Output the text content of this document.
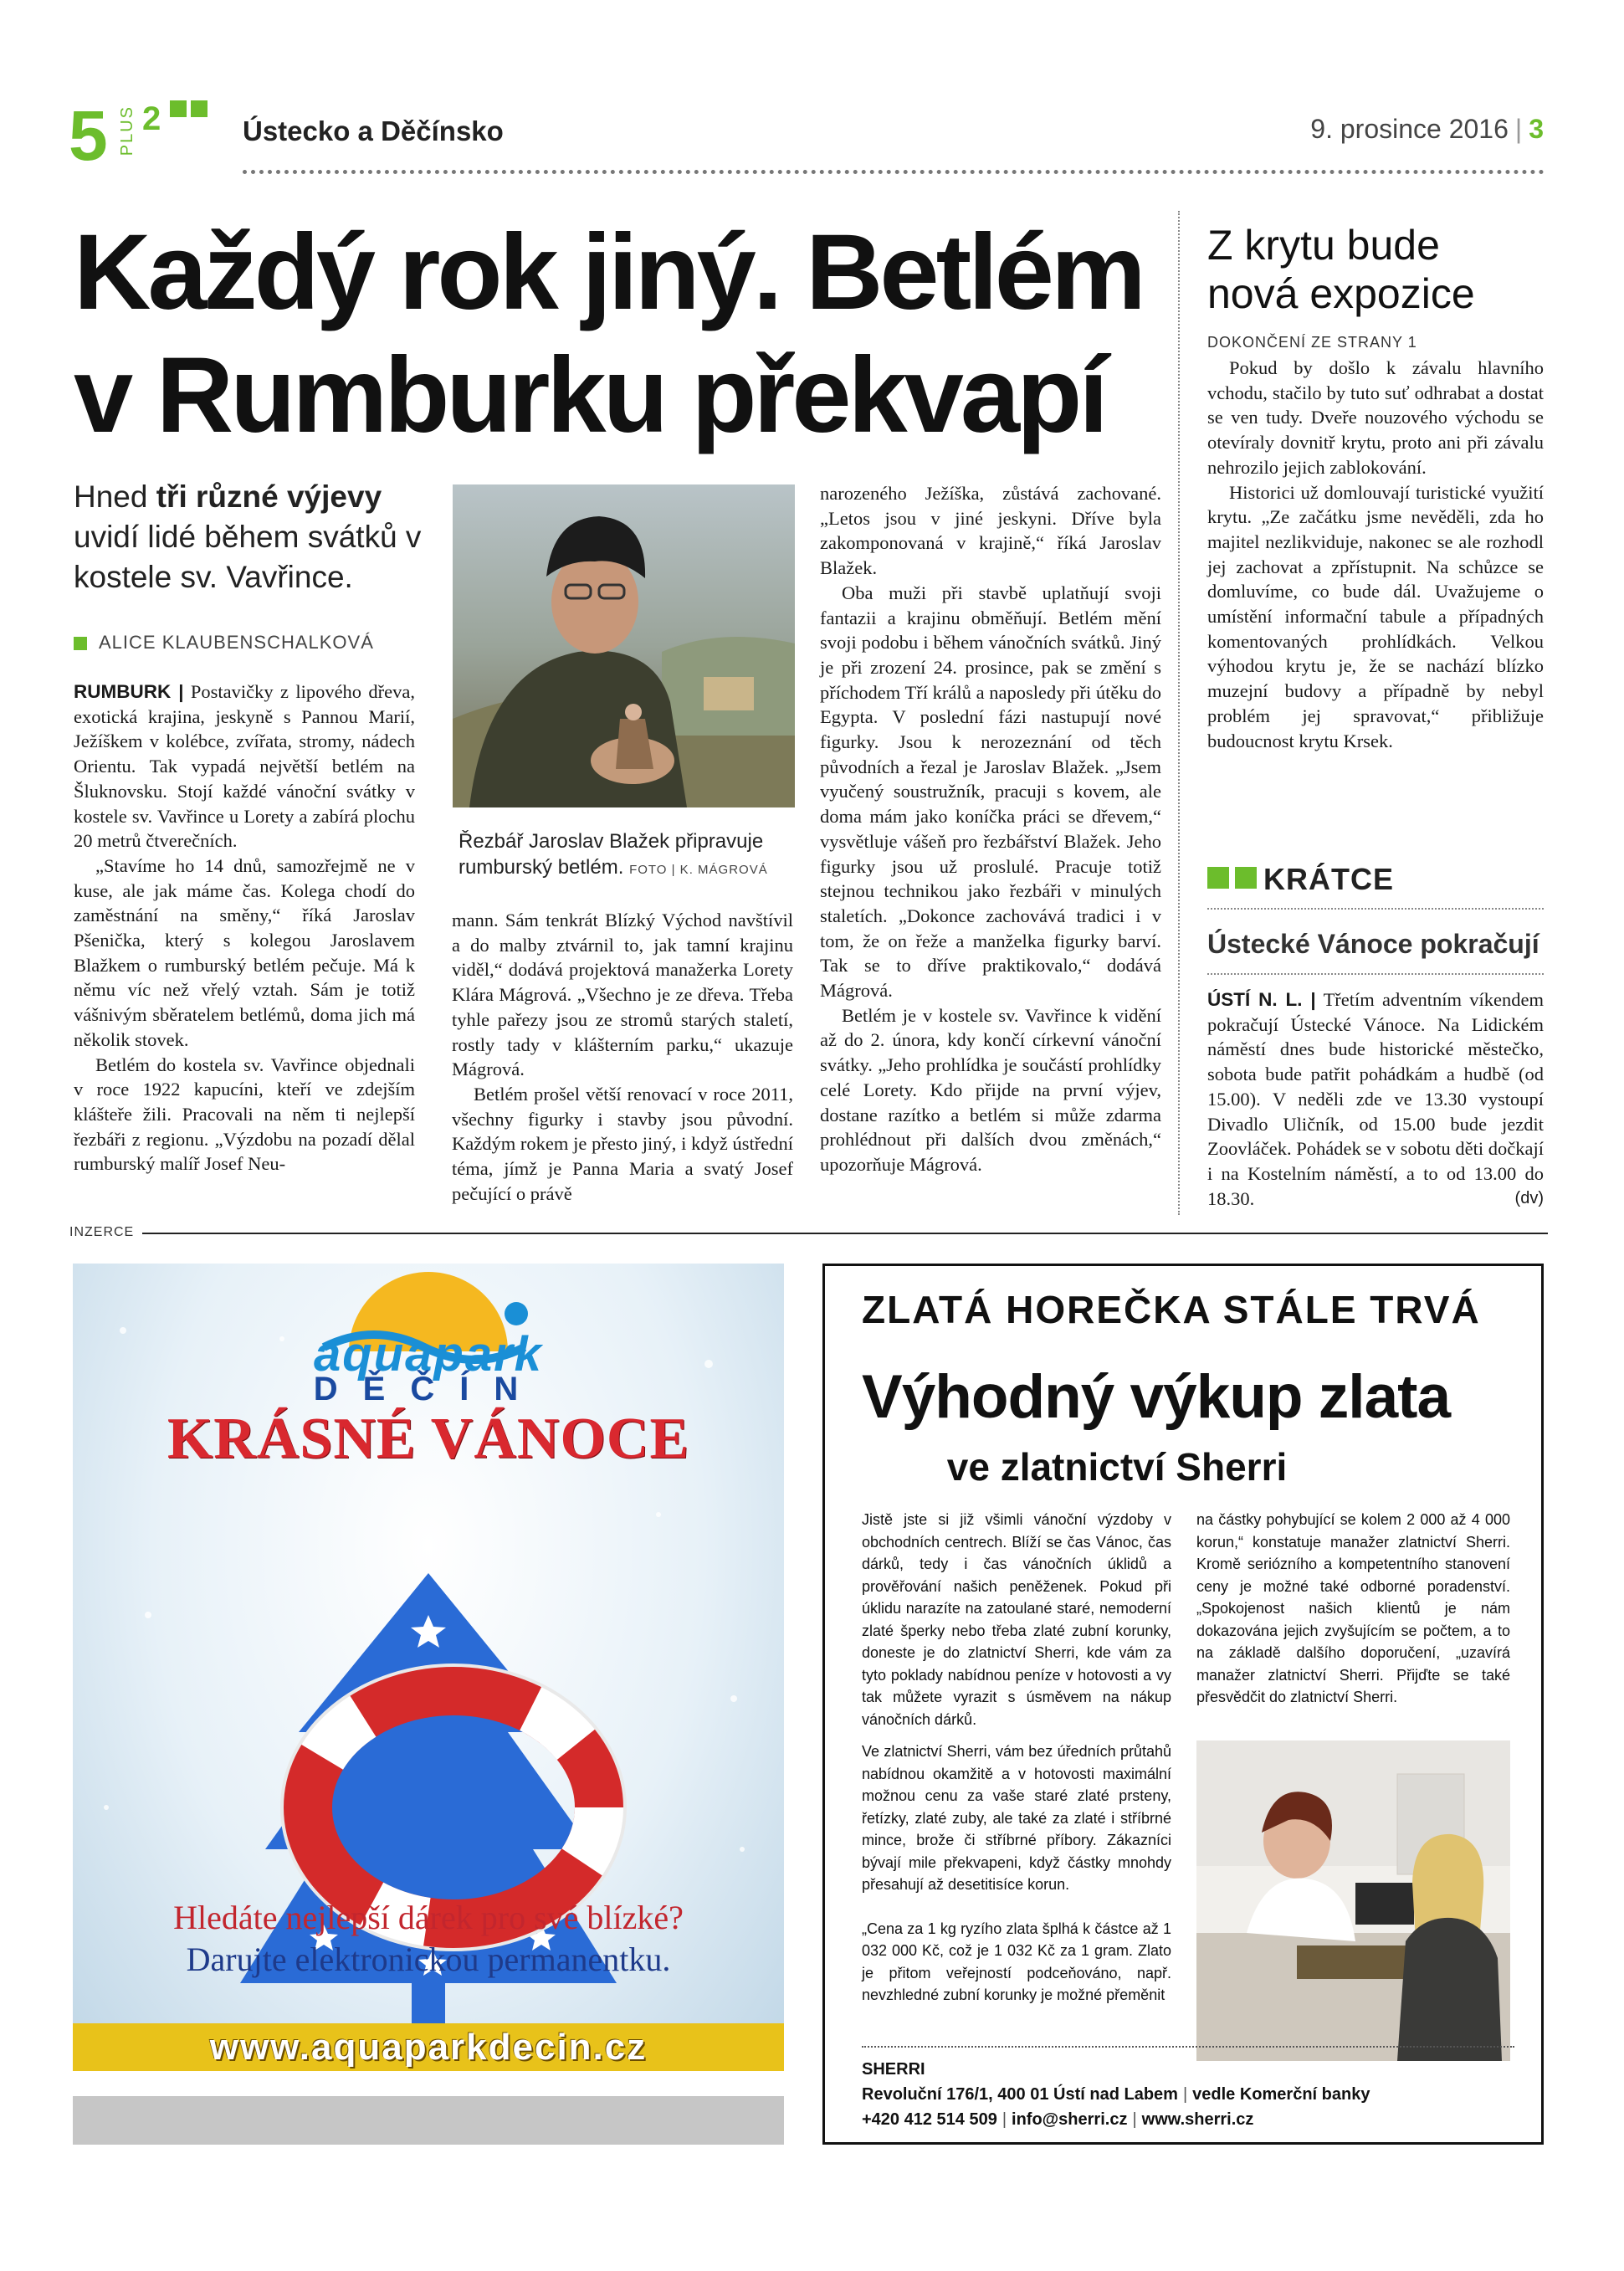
5 PLUS 2	Ústecko a Děčínsko	9. prosince 2016 | 3
Každý rok jiný. Betlém
v Rumburku překvapí
Hned tři různé výjevy uvidí lidé během svátků v kostele sv. Vavřince.
ALICE KLAUBENSCHALKOVÁ

RUMBURK | Postavičky z lipového dřeva, exotická krajina, jeskyně s Pannou Marií, Ježíškem v kolébce, zvířata, stromy, nádech Orientu. Tak vypadá největší betlém na Šluknovsku. Stojí každé vánoční svátky v kostele sv. Vavřince u Lorety a zabírá plochu 20 metrů čtverečních.

„Stavíme ho 14 dnů, samozřejmě ne v kuse, ale jak máme čas. Kolega chodí do zaměstnání na směny,“ říká Jaroslav Pšenička, který s kolegou Jaroslavem Blažkem o rumburský betlém pečuje. Má k němu víc než vřelý vztah. Sám je totiž vášnivým sběratelem betlémů, doma jich má několik stovek.

Betlém do kostela sv. Vavřince objednali v roce 1922 kapucíni, kteří ve zdejším klášteře žili. Pracovali na něm ti nejlepší řezbáři z regionu. „Výzdobu na pozadí dělal rumburský malíř Josef Neu-

Řezbář Jaroslav Blažek připravuje rumburský betlém. FOTO | K. MÁGROVÁ

mann. Sám tenkrát Blízký Východ navštívil a do malby ztvárnil to, jak tamní krajinu viděl,“ dodává projektová manažerka Lorety Klára Mágrová. „Všechno je ze dřeva. Třeba tyhle pařezy jsou ze stromů starých staletí, rostly tady v klášterním parku,“ ukazuje Mágrová.

Betlém prošel větší renovací v roce 2011, všechny figurky i stavby jsou původní. Každým rokem je přesto jiný, i když ústřední téma, jímž je Panna Maria a svatý Josef pečující o právě

narozeného Ježíška, zůstává zachované. „Letos jsou v jiné jeskyni. Dříve byla zakomponovaná v krajině,“ říká Jaroslav Blažek.

Oba muži při stavbě uplatňují svoji fantazii a krajinu obměňují. Betlém mění svoji podobu i během vánočních svátků. Jiný je při zrození 24. prosince, pak se změní s příchodem Tří králů a naposledy při útěku do Egypta. V poslední fázi nastupují nové figurky. Jsou k nerozeznání od těch původních a řezal je Jaroslav Blažek. „Jsem vyučený soustružník, pracuji s kovem, ale doma mám jako koníčka práci se dřevem,“ vysvětluje vášeň pro řezbářství Blažek. Jeho figurky jsou už proslulé. Pracuje totiž stejnou technikou jako řezbáři v minulých staletích. „Dokonce zachovává tradici i v tom, že on řeže a manželka figurky barví. Tak se to dříve praktikovalo,“ dodává Mágrová.

Betlém je v kostele sv. Vavřince k vidění až do 2. února, kdy končí církevní vánoční svátky. „Jeho prohlídka je součástí prohlídky celé Lorety. Kdo přijde na první výjev, dostane razítko a betlém si může zdarma prohlédnout při dalších dvou změnách,“ upozorňuje Mágrová.

Z krytu bude
nová expozice
DOKONČENÍ ZE STRANY 1

Pokud by došlo k závalu hlavního vchodu, stačilo by tuto suť odhrabat a dostat se ven tudy. Dveře nouzového východu se otevíraly dovnitř krytu, proto ani při závalu nehrozilo jejich zablokování.

Historici už domlouvají turistické využití krytu. „Ze začátku jsme nevěděli, zda ho majitel nezlikviduje, nakonec se ale rozhodl jej zachovat a zpřístupnit. Na schůzce se domluvíme, co bude dál. Uvažujeme o umístění informační tabule a případných komentovaných prohlídkách. Velkou výhodou krytu je, že se nachází blízko muzejní budovy a případně by nebyl problém jej spravovat,“ přibližuje budoucnost krytu Krsek.

KRÁTCE
Ústecké Vánoce pokračují

ÚSTÍ N. L. | Třetím adventním víkendem pokračují Ústecké Vánoce. Na Lidickém náměstí dnes bude historické městečko, sobota bude patřit pohádkám a hudbě (od 15.00). V neděli zde ve 13.30 vystoupí Divadlo Uličník, od 15.00 bude jezdit Zoovláček. Pohádek se v sobotu děti dočkají i na Kostelním náměstí, a to od 13.00 do 18.30.	(dv)

INZERCE
aquapark
DĚČÍN
KRÁSNÉ VÁNOCE
Hledáte nejlepší dárek pro své blízké?
Darujte elektronickou permanentku.
www.aquaparkdecin.cz
ZLATÁ HOREČKA STÁLE TRVÁ
Výhodný výkup zlata
ve zlatnictví Sherri

Jistě jste si již všimli vánoční výzdoby v obchodních centrech. Blíží se čas Vánoc, čas dárků, tedy i čas vánočních úklidů a prověřování našich peněženek. Pokud při úklidu narazíte na zatoulané staré, nemoderní zlaté šperky nebo třeba zlaté zubní korunky, doneste je do zlatnictví Sherri, kde vám za tyto poklady nabídnou peníze v hotovosti a vy tak můžete vyrazit s úsměvem na nákup vánočních dárků.

na částky pohybující se kolem 2 000 až 4 000 korun,“ konstatuje manažer zlatnictví Sherri. Kromě seriózního a kompetentního stanovení ceny je možné také odborné poradenství. „Spokojenost našich klientů je nám dokazována jejich zvyšujícím se počtem, a to na základě dalšího doporučení, „uzavírá manažer zlatnictví Sherri. Přijďte se také přesvědčit do zlatnictví Sherri.

Ve zlatnictví Sherri, vám bez úředních průtahů nabídnou okamžitě a v hotovosti maximální možnou cenu za vaše staré zlaté prsteny, řetízky, zlaté zuby, ale také za zlaté i stříbrné mince, brože či stříbrné příbory. Zákazníci bývají mile překvapeni, když částky mnohdy přesahují až desetitisíce korun.

„Cena za 1 kg ryzího zlata šplhá k částce až 1 032 000 Kč, což je 1 032 Kč za 1 gram. Zlato je přitom veřejností podceňováno, např. nevzhledné zubní korunky je možné přeměnit

SHERRI
Revoluční 176/1, 400 01 Ústí nad Labem | vedle Komerční banky
+420 412 514 509 | info@sherri.cz | www.sherri.cz
